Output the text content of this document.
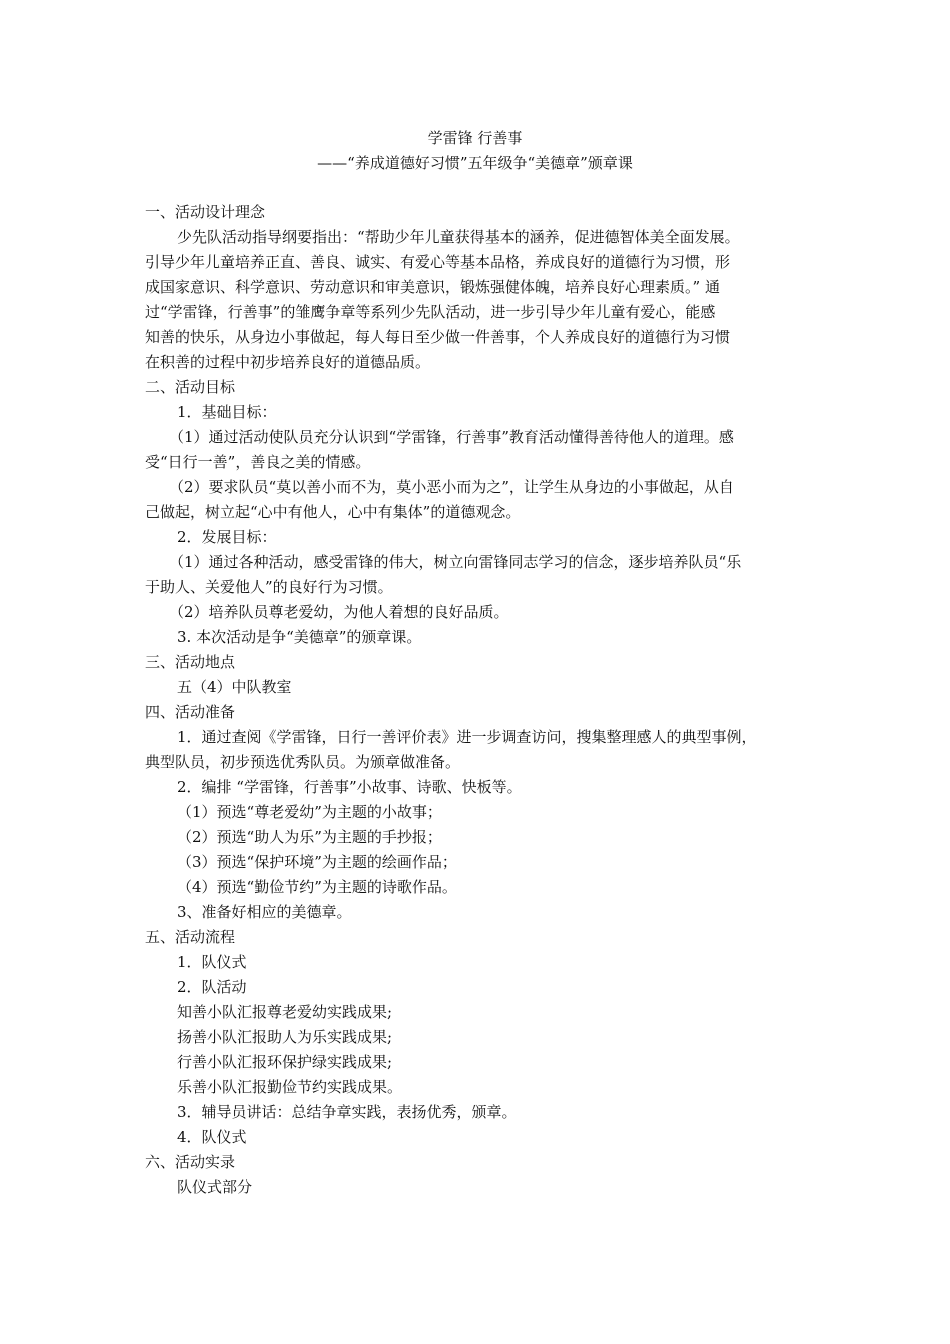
学雷锋 行善事
——“养成道德好习惯”五年级争“美德章”颁章课

一、活动设计理念

少先队活动指导纲要指出：“帮助少年儿童获得基本的涵养，促进德智体美全面发展。

引导少年儿童培养正直、善良、诚实、有爱心等基本品格，养成良好的道德行为习惯，形

成国家意识、科学意识、劳动意识和审美意识，锻炼强健体魄，培养良好心理素质。” 通

过“学雷锋，行善事”的雏鹰争章等系列少先队活动，进一步引导少年儿童有爱心，能感

知善的快乐，从身边小事做起，每人每日至少做一件善事，个人养成良好的道德行为习惯

在积善的过程中初步培养良好的道德品质。

二、活动目标

1．基础目标：

（1）通过活动使队员充分认识到“学雷锋，行善事”教育活动懂得善待他人的道理。感

受“日行一善”，善良之美的情感。

（2）要求队员“莫以善小而不为，莫小恶小而为之”，让学生从身边的小事做起，从自

己做起，树立起“心中有他人，心中有集体”的道德观念。

2．发展目标：

（1）通过各种活动，感受雷锋的伟大，树立向雷锋同志学习的信念，逐步培养队员“乐

于助人、关爱他人”的良好行为习惯。

（2）培养队员尊老爱幼，为他人着想的良好品质。

3. 本次活动是争“美德章”的颁章课。

三、活动地点

五（4）中队教室

四、活动准备

1．通过查阅《学雷锋，日行一善评价表》进一步调查访问，搜集整理感人的典型事例，

典型队员，初步预选优秀队员。为颁章做准备。

2．编排 “学雷锋，行善事”小故事、诗歌、快板等。

（1）预选“尊老爱幼”为主题的小故事；

（2）预选“助人为乐”为主题的手抄报；

（3）预选“保护环境”为主题的绘画作品；

（4）预选“勤俭节约”为主题的诗歌作品。

3、准备好相应的美德章。

五、活动流程

1．队仪式

2．队活动

知善小队汇报尊老爱幼实践成果;

扬善小队汇报助人为乐实践成果;

行善小队汇报环保护绿实践成果;

乐善小队汇报勤俭节约实践成果。

3．辅导员讲话：总结争章实践，表扬优秀，颁章。

4．队仪式

六、活动实录

队仪式部分
